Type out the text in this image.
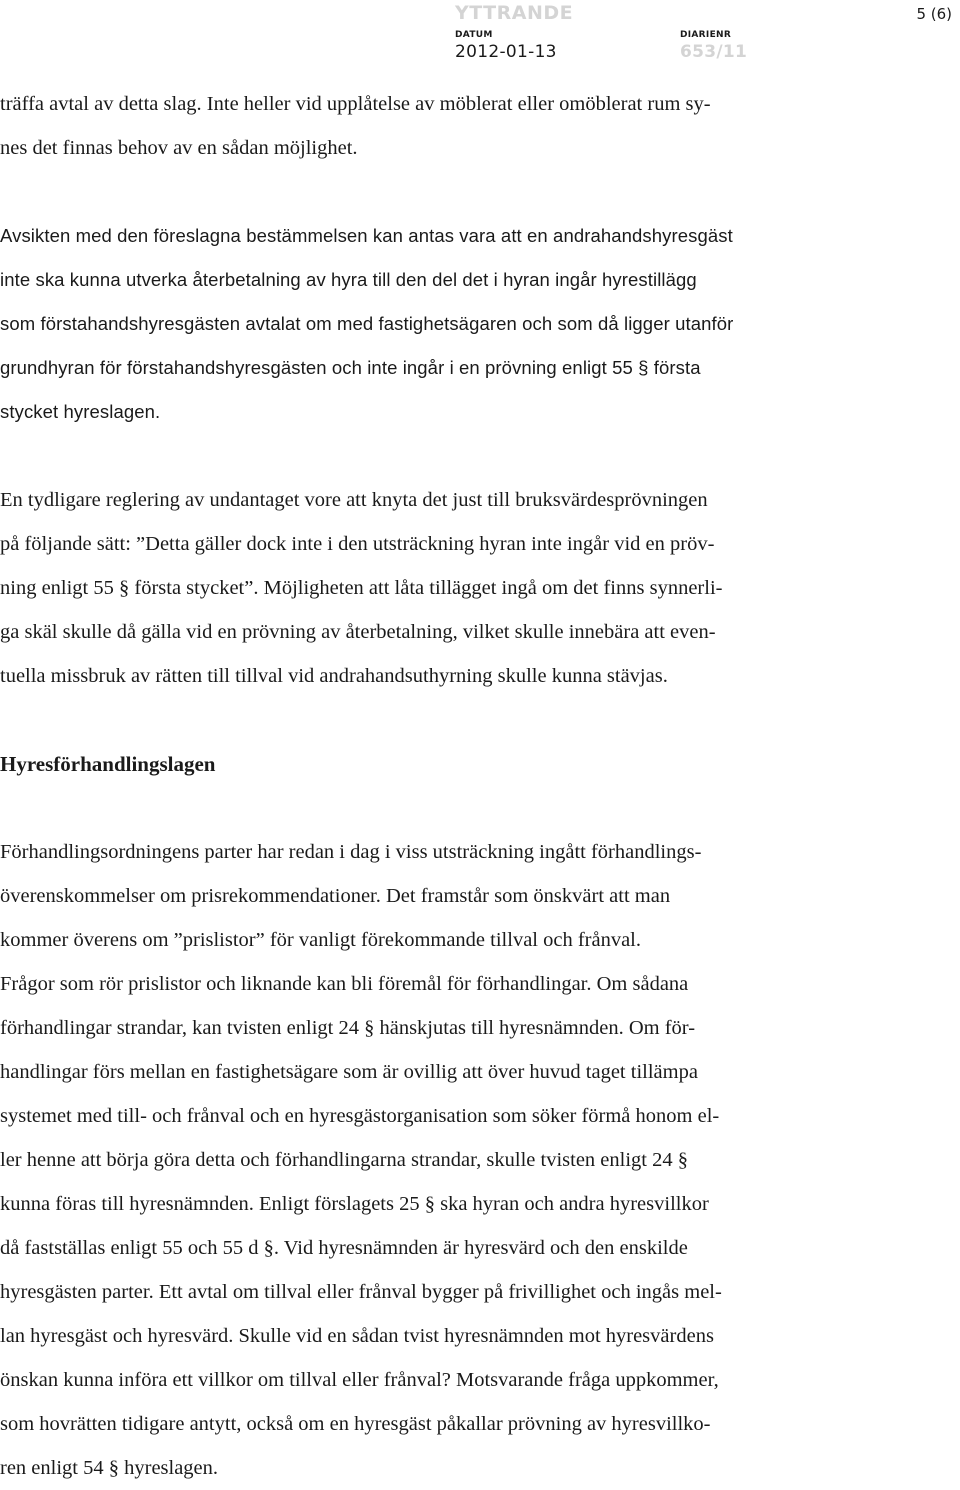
YTTRANDE	5 (6)
DATUM	DIARIENR
2012-01-13	653/11

träffa avtal av detta slag. Inte heller vid upplåtelse av möblerat eller omöblerat rum sy-

nes det finnas behov av en sådan möjlighet.

Avsikten med den föreslagna bestämmelsen kan antas vara att en andrahandshyresgäst

inte ska kunna utverka återbetalning av hyra till den del det i hyran ingår hyrestillägg

som förstahandshyresgästen avtalat om med fastighetsägaren och som då ligger utanför

grundhyran för förstahandshyresgästen och inte ingår i en prövning enligt 55 § första

stycket hyreslagen.

En tydligare reglering av undantaget vore att knyta det just till bruksvärdesprövningen

på följande sätt: ”Detta gäller dock inte i den utsträckning hyran inte ingår vid en pröv-

ning enligt 55 § första stycket”. Möjligheten att låta tillägget ingå om det finns synnerli-

ga skäl skulle då gälla vid en prövning av återbetalning, vilket skulle innebära att even-

tuella missbruk av rätten till tillval vid andrahandsuthyrning skulle kunna stävjas.

Hyresförhandlingslagen

Förhandlingsordningens parter har redan i dag i viss utsträckning ingått förhandlings-

överenskommelser om prisrekommendationer. Det framstår som önskvärt att man

kommer överens om ”prislistor” för vanligt förekommande tillval och frånval.

Frågor som rör prislistor och liknande kan bli föremål för förhandlingar. Om sådana

förhandlingar strandar, kan tvisten enligt 24 § hänskjutas till hyresnämnden. Om för-

handlingar förs mellan en fastighetsägare som är ovillig att över huvud taget tillämpa

systemet med till- och frånval och en hyresgästorganisation som söker förmå honom el-

ler henne att börja göra detta och förhandlingarna strandar, skulle tvisten enligt 24 §

kunna föras till hyresnämnden. Enligt förslagets 25 § ska hyran och andra hyresvillkor

då fastställas enligt 55 och 55 d §. Vid hyresnämnden är hyresvärd och den enskilde

hyresgästen parter. Ett avtal om tillval eller frånval bygger på frivillighet och ingås mel-

lan hyresgäst och hyresvärd. Skulle vid en sådan tvist hyresnämnden mot hyresvärdens

önskan kunna införa ett villkor om tillval eller frånval? Motsvarande fråga uppkommer,

som hovrätten tidigare antytt, också om en hyresgäst påkallar prövning av hyresvillko-

ren enligt 54 § hyreslagen.
